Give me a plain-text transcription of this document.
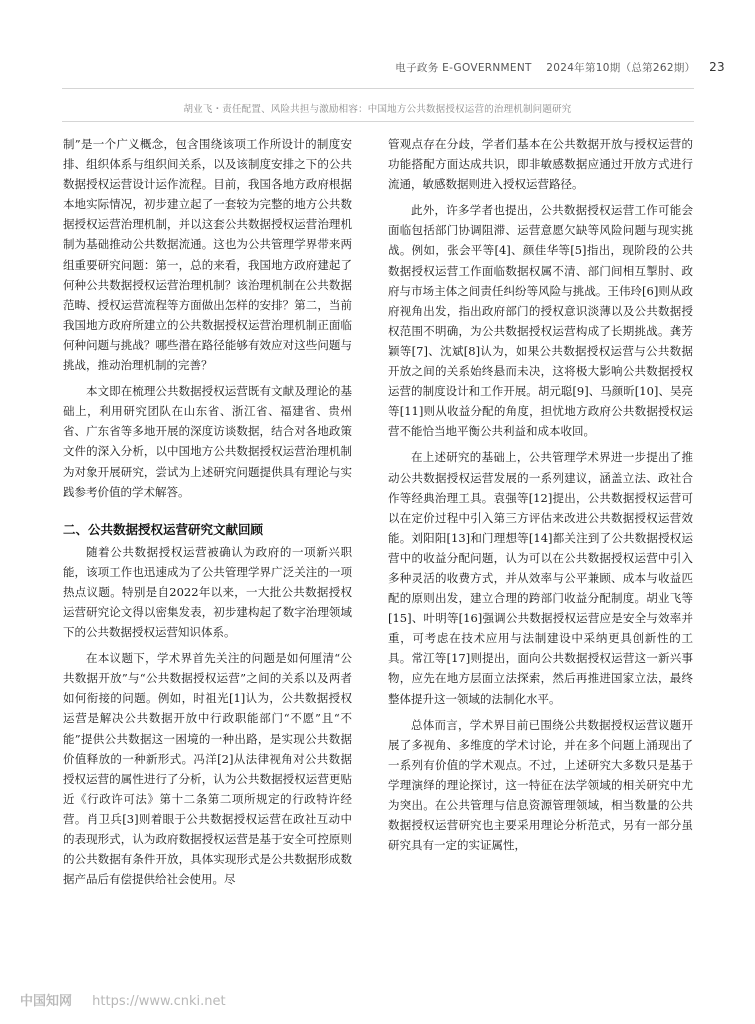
电子政务 E-GOVERNMENT 2024年第10期（总第262期） 23
胡业飞・责任配置、风险共担与激励相容：中国地方公共数据授权运营的治理机制问题研究

制”是一个广义概念，包含围绕该项工作所设计的制度安排、组织体系与组织间关系，以及该制度安排之下的公共数据授权运营设计运作流程。目前，我国各地方政府根据本地实际情况，初步建立起了一套较为完整的地方公共数据授权运营治理机制，并以这套公共数据授权运营治理机制为基础推动公共数据流通。这也为公共管理学界带来两组重要研究问题：第一，总的来看，我国地方政府建起了何种公共数据授权运营治理机制？该治理机制在公共数据范畴、授权运营流程等方面做出怎样的安排？第二，当前我国地方政府所建立的公共数据授权运营治理机制正面临何种问题与挑战？哪些潜在路径能够有效应对这些问题与挑战，推动治理机制的完善？

本文即在梳理公共数据授权运营既有文献及理论的基础上，利用研究团队在山东省、浙江省、福建省、贵州省、广东省等多地开展的深度访谈数据，结合对各地政策文件的深入分析，以中国地方公共数据授权运营治理机制为对象开展研究，尝试为上述研究问题提供具有理论与实践参考价值的学术解答。

二、公共数据授权运营研究文献回顾

随着公共数据授权运营被确认为政府的一项新兴职能，该项工作也迅速成为了公共管理学界广泛关注的一项热点议题。特别是自2022年以来，一大批公共数据授权运营研究论文得以密集发表，初步建构起了数字治理领域下的公共数据授权运营知识体系。

在本议题下，学术界首先关注的问题是如何厘清“公共数据开放”与“公共数据授权运营”之间的关系以及两者如何衔接的问题。例如，时祖光[1]认为，公共数据授权运营是解决公共数据开放中行政职能部门“不愿”且“不能”提供公共数据这一困境的一种出路，是实现公共数据价值释放的一种新形式。冯洋[2]从法律视角对公共数据授权运营的属性进行了分析，认为公共数据授权运营更贴近《行政许可法》第十二条第二项所规定的行政特许经营。肖卫兵[3]则着眼于公共数据授权运营在政社互动中的表现形式，认为政府数据授权运营是基于安全可控原则的公共数据有条件开放，具体实现形式是公共数据形成数据产品后有偿提供给社会使用。尽

管观点存在分歧，学者们基本在公共数据开放与授权运营的功能搭配方面达成共识，即非敏感数据应通过开放方式进行流通，敏感数据则进入授权运营路径。

此外，许多学者也提出，公共数据授权运营工作可能会面临包括部门协调阻滞、运营意愿欠缺等风险问题与现实挑战。例如，张会平等[4]、颜佳华等[5]指出，现阶段的公共数据授权运营工作面临数据权属不清、部门间相互掣肘、政府与市场主体之间责任纠纷等风险与挑战。王伟玲[6]则从政府视角出发，指出政府部门的授权意识淡薄以及公共数据授权范围不明确，为公共数据授权运营构成了长期挑战。龚芳颖等[7]、沈斌[8]认为，如果公共数据授权运营与公共数据开放之间的关系始终悬而未决，这将极大影响公共数据授权运营的制度设计和工作开展。胡元聪[9]、马颜昕[10]、吴亮等[11]则从收益分配的角度，担忧地方政府公共数据授权运营不能恰当地平衡公共利益和成本收回。

在上述研究的基础上，公共管理学术界进一步提出了推动公共数据授权运营发展的一系列建议，涵盖立法、政社合作等经典治理工具。袁强等[12]提出，公共数据授权运营可以在定价过程中引入第三方评估来改进公共数据授权运营效能。刘阳阳[13]和门理想等[14]都关注到了公共数据授权运营中的收益分配问题，认为可以在公共数据授权运营中引入多种灵活的收费方式，并从效率与公平兼顾、成本与收益匹配的原则出发，建立合理的跨部门收益分配制度。胡业飞等[15]、叶明等[16]强调公共数据授权运营应是安全与效率并重，可考虑在技术应用与法制建设中采纳更具创新性的工具。常江等[17]则提出，面向公共数据授权运营这一新兴事物，应先在地方层面立法探索，然后再推进国家立法，最终整体提升这一领域的法制化水平。

总体而言，学术界目前已围绕公共数据授权运营议题开展了多视角、多维度的学术讨论，并在多个问题上涌现出了一系列有价值的学术观点。不过，上述研究大多数只是基于学理演绎的理论探讨，这一特征在法学领域的相关研究中尤为突出。在公共管理与信息资源管理领域，相当数量的公共数据授权运营研究也主要采用理论分析范式，另有一部分虽研究具有一定的实证属性，

中国知网 https://www.cnki.net
